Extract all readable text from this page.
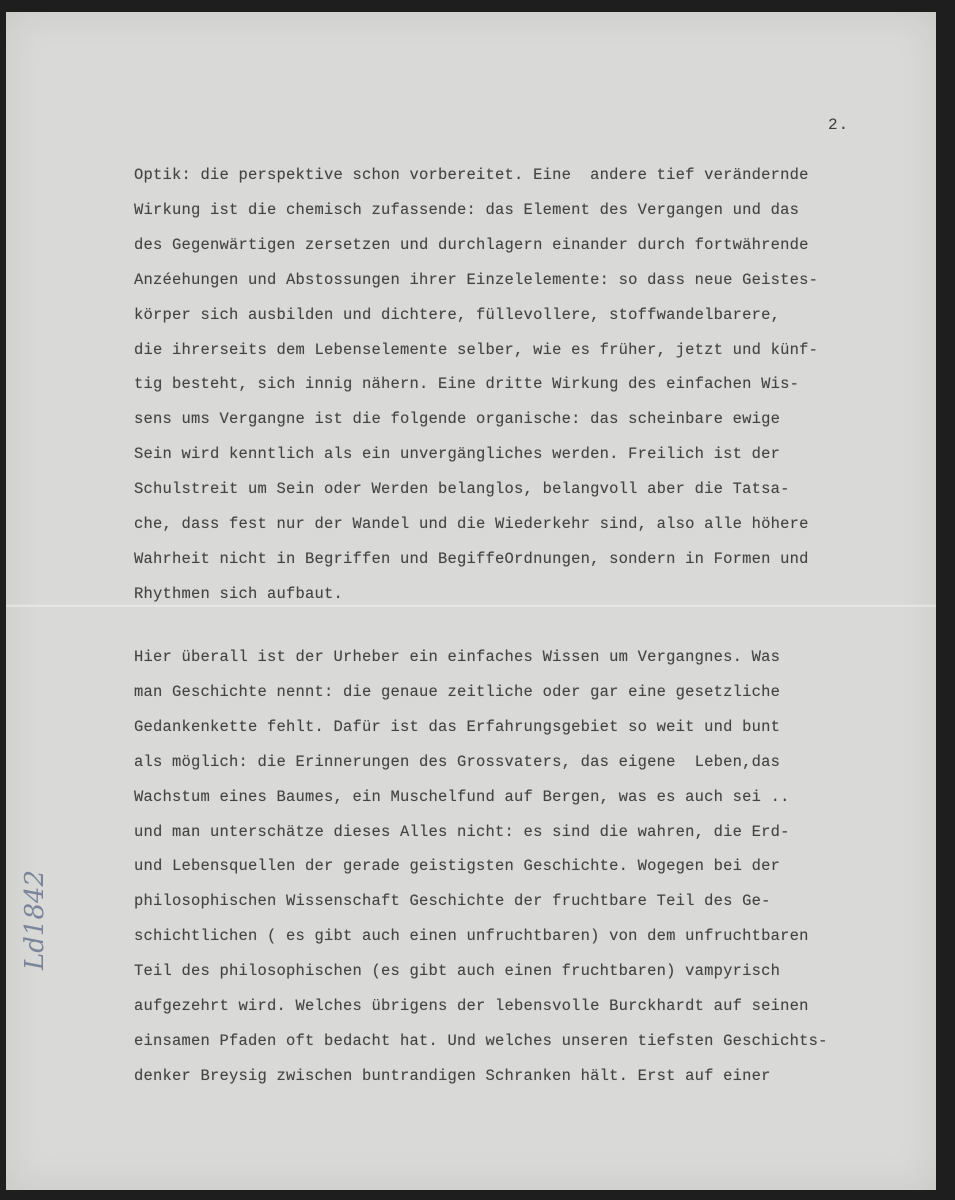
2.
Optik: die perspektive schon vorbereitet. Eine  andere tief verändernde
Wirkung ist die chemisch zufassende: das Element des Vergangen und das
des Gegenwärtigen zersetzen und durchlagern einander durch fortwährende
Anzéehungen und Abstossungen ihrer Einzelelemente: so dass neue Geistes-
körper sich ausbilden und dichtere, füllevollere, stoffwandelbarere,
die ihrerseits dem Lebenselemente selber, wie es früher, jetzt und künf-
tig besteht, sich innig nähern. Eine dritte Wirkung des einfachen Wis-
sens ums Vergangne ist die folgende organische: das scheinbare ewige
Sein wird kenntlich als ein unvergängliches werden. Freilich ist der
Schulstreit um Sein oder Werden belanglos, belangvoll aber die Tatsa-
che, dass fest nur der Wandel und die Wiederkehr sind, also alle höhere
Wahrheit nicht in Begriffen und BegiffeOrdnungen, sondern in Formen und
Rhythmen sich aufbaut.
Hier überall ist der Urheber ein einfaches Wissen um Vergangnes. Was
man Geschichte nennt: die genaue zeitliche oder gar eine gesetzliche
Gedankenkette fehlt. Dafür ist das Erfahrungsgebiet so weit und bunt
als möglich: die Erinnerungen des Grossvaters, das eigene  Leben,das
Wachstum eines Baumes, ein Muschelfund auf Bergen, was es auch sei ..
und man unterschätze dieses Alles nicht: es sind die wahren, die Erd-
und Lebensquellen der gerade geistigsten Geschichte. Wogegen bei der
philosophischen Wissenschaft Geschichte der fruchtbare Teil des Ge-
schichtlichen ( es gibt auch einen unfruchtbaren) von dem unfruchtbaren
Teil des philosophischen (es gibt auch einen fruchtbaren) vampyrisch
aufgezehrt wird. Welches übrigens der lebensvolle Burckhardt auf seinen
einsamen Pfaden oft bedacht hat. Und welches unseren tiefsten Geschichts-
denker Breysig zwischen buntrandigen Schranken hält. Erst auf einer
Ld1842
